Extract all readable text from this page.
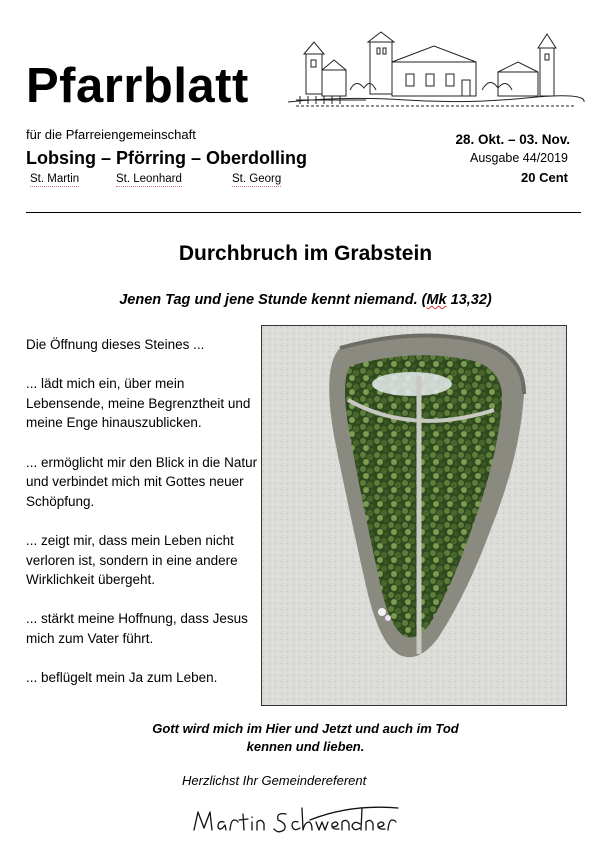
Pfarrblatt
für die Pfarreiengemeinschaft
Lobsing – Pförring – Oberdolling
St. Martin	St. Leonhard	St. Georg
28. Okt. – 03. Nov.
Ausgabe 44/2019
20 Cent
Durchbruch im Grabstein
Jenen Tag und jene Stunde kennt niemand. (Mk 13,32)

Die Öffnung dieses Steines ...

... lädt mich ein, über mein Lebensende, meine Begrenztheit und meine Enge hinauszublicken.

... ermöglicht mir den Blick in die Natur und verbindet mich mit Gottes neuer Schöpfung.

... zeigt mir, dass mein Leben nicht verloren ist, sondern in eine andere Wirklichkeit übergeht.

... stärkt meine Hoffnung, dass Jesus mich zum Vater führt.

... beflügelt mein Ja zum Leben.

Gott wird mich im Hier und Jetzt und auch im Tod
kennen und lieben.
Herzlichst Ihr Gemeindereferent
